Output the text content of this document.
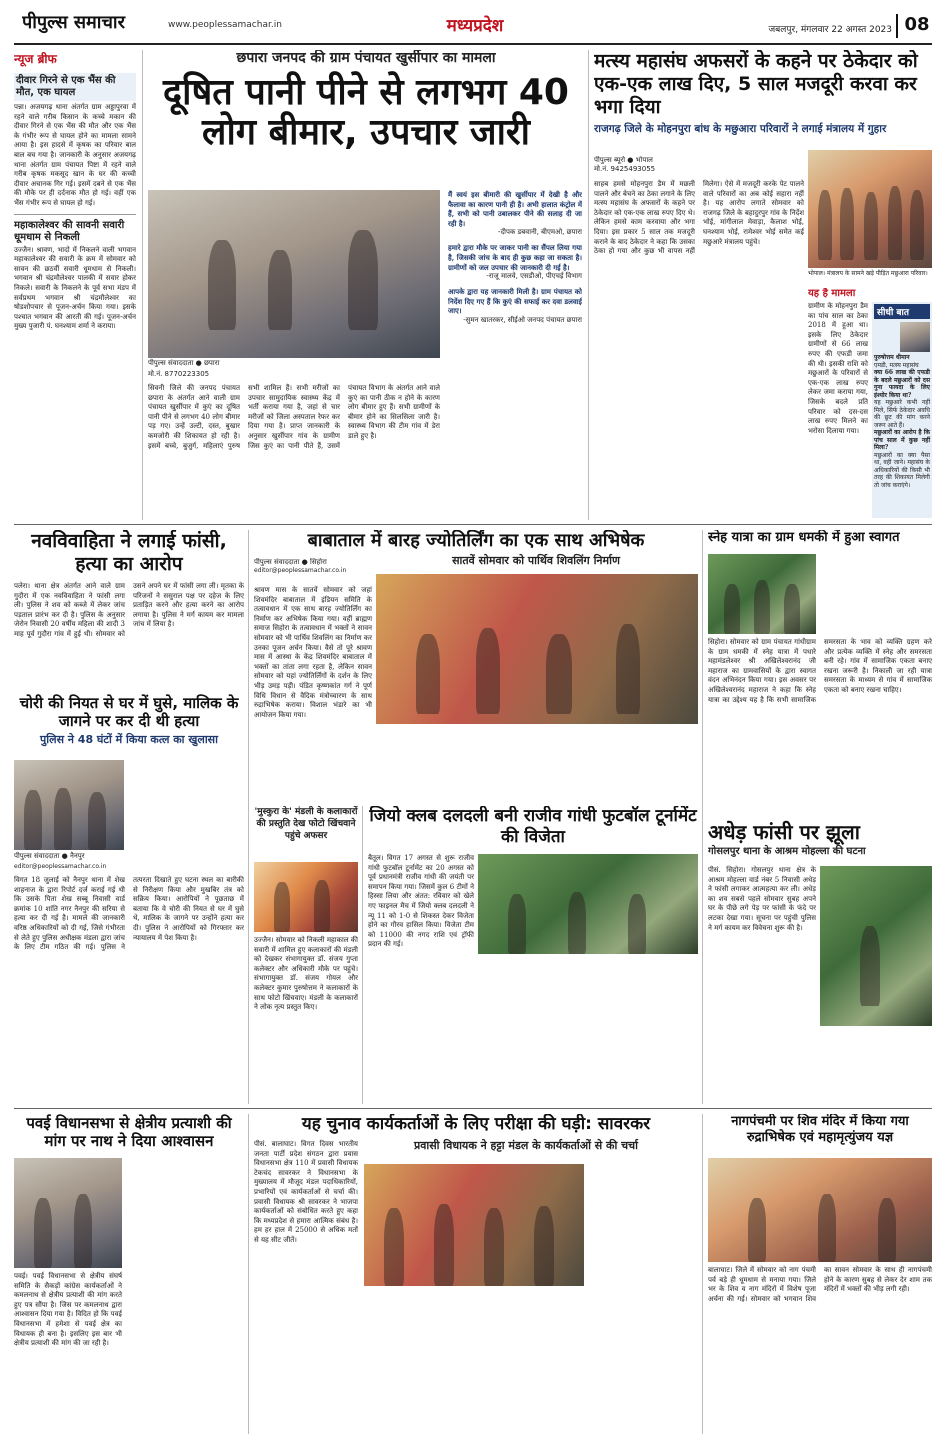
पीपुल्स समाचार	www.peoplessamachar.in	मध्यप्रदेश	जबलपुर, मंगलवार 22 अगस्त 2023 08
न्यूज ब्रीफ
दीवार गिरने से एक भैंस की मौत, एक घायल
पन्ना। अजयगढ़ थाना अंतर्गत ग्राम अड्डापुरवा में रहने वाले गरीब किसान के कच्चे मकान की दीवार गिरने से एक भैंस की मौत और एक भैंस के गंभीर रूप से घायल होने का मामला सामने आया है। इस हादसे में कृषक का परिवार बाल बाल बच गया है। जानकारी के अनुसार अजयगढ़ थाना अंतर्गत ग्राम पंचायत पिष्टा में रहने वाले गरीब कृषक मकसूद खान के घर की कच्ची दीवार अचानक गिर गई। इसमें दबने से एक भैंस की मौके पर ही दर्दनाक मौत हो गई। वहीं एक भैंस गंभीर रूप से घायल हो गई।
महाकालेश्वर की सावनी सवारी धूमधाम से निकली
उज्जैन। श्रावण, भादो में निकलने वाली भगवान महाकालेश्वर की सवारी के क्रम में सोमवार को सावन की छठवीं सवारी धूमधाम से निकली। भगवान श्री चंद्रमौलेश्वर पालकी में सवार होकर निकले। सवारी के निकलने के पूर्व सभा मंडप में सर्वप्रथम भगवान श्री चंद्रमौलेश्वर का षोडशोपचार से पूजन-अर्चन किया गया। इसके पश्चात भगवान की आरती की गई। पूजन-अर्चन मुख्य पुजारी पं. घनश्याम शर्मा ने कराया।
छपारा जनपद की ग्राम पंचायत खुर्सीपार का मामला
दूषित पानी पीने से लगभग 40 लोग बीमार, उपचार जारी
पीपुल्स संवाददाता ● छपारा
मो.नं. 8770223305
सिवनी जिले की जनपद पंचायत छपारा के अंतर्गत आने वाली ग्राम पंचायत खुर्सीपार में कुएं का दूषित पानी पीने से लगभग 40 लोग बीमार पड़ गए। उन्हें उल्टी, दस्त, बुखार कमजोरी की शिकायत हो रही है। इसमें बच्चे, बुजुर्ग, महिलाएं पुरुष सभी शामिल हैं। सभी मरीजों का उपचार सामुदायिक स्वास्थ्य केंद्र में भर्ती कराया गया है, जहां से चार मरीजों को जिला अस्पताल रेफर कर दिया गया है। प्राप्त जानकारी के अनुसार खुर्सीपार गांव के ग्रामीण जिस कुएं का पानी पीते हैं, उसमें पंचायत विभाग के अंतर्गत आने वाले कुएं का पानी ठीक न होने के कारण लोग बीमार हुए हैं। सभी ग्रामीणों के बीमार होने का सिलसिला जारी है। स्वास्थ्य विभाग की टीम गांव में डेरा डाले हुए है।
मैं स्वयं इस बीमारी की खुर्सीपार में देखी है और फैलावा का कारण पानी ही है। अभी हालात कंट्रोल में हैं, सभी को पानी उबालकर पीने की सलाह दी जा रही है।
-दीपक डबवानी, बीएमओ, छपारा
हमारे द्वारा मौके पर जाकर पानी का सैंपल लिया गया है, जिसकी जांच के बाद ही कुछ कहा जा सकता है। ग्रामीणों को जल उपचार की जानकारी दी गई है।
-राजू मालवे, एसडीओ, पीएचई विभाग
आपके द्वारा यह जानकारी मिली है। ग्राम पंचायत को निर्देश दिए गए हैं कि कुएं की सफाई कर दवा डलवाई जाए।
-सुमन खातरकर, सीईओ जनपद पंचायत छपारा
मत्स्य महासंघ अफसरों के कहने पर ठेकेदार को एक-एक लाख दिए, 5 साल मजदूरी करवा कर भगा दिया
राजगढ़ जिले के मोहनपुरा बांध के मछुआरा परिवारों ने लगाई मंत्रालय में गुहार
पीपुल्स ब्यूरो ● भोपाल
मो.नं. 9425493055
साहब हमसे मोहनपुरा डैम में मछली पालने और बेचने का ठेका लगाने के लिए मत्स्य महासंघ के अफसरों के कहने पर ठेकेदार को एक-एक लाख रुपए दिए थे। लेकिन हमसे काम करवाया और भगा दिया। इस प्रकार 5 साल तक मजदूरी कराने के बाद ठेकेदार ने कहा कि उसका ठेका हो गया और कुछ भी वापस नहीं मिलेगा। ऐसे में मजदूरी करके पेट पालने वाले परिवारों का अब कोई सहारा नहीं है। यह आरोप लगाते सोमवार को राजगढ़ जिले के बहादुरपुर गांव के निर्देश भोई, मांगीलाल मेवाड़ा, कैलाश भोई, घनश्याम भोई, रामेश्वर भोई समेत कई मछुआरे मंत्रालय पहुंचे।
भोपाल। मंत्रालय के सामने खड़े पीड़ित मछुआरा परिवार।
यह है मामला
ग्रामीण के मोहनपुरा डैम का पांच साल का ठेका 2018 में हुआ था। इसके लिए ठेकेदार ग्रामीणों से 66 लाख रुपए की एफडी जमा की थी। इसकी राशि को मछुआरों के परिवारों से एक-एक लाख रुपए लेकर जमा कराया गया, जिसके बदले प्रति परिवार को दस-दस लाख रुपए मिलने का भरोसा दिलाया गया।
सीधी बात
पुरुषोत्तम धीमान
एमडी, मत्स्य महासंघ
क्या 66 लाख की एफडी के बदले मछुआरों को दस गुना फायदा के लिए इंश्योर किया था?
यह मछुआरे कभी नहीं मिले, सिर्फ ठेकेदार अवधि की छूट की मांग करने जरूर आते हैं।
मछुआरों का आरोप है कि पांच साल में कुछ नहीं मिला?
मछुआरों का क्या पैसा था, वही जाने। महासंघ के अधिकारियों की किसी भी तरह की शिकायत मिलेगी तो जांच कराएंगे।
नवविवाहिता ने लगाई फांसी, हत्या का आरोप
पलेरा। थाना क्षेत्र अंतर्गत आने वाले ग्राम गुदौरा में एक नवविवाहिता ने फांसी लगा ली। पुलिस ने शव को कब्जे में लेकर जांच पड़ताल प्रारंभ कर दी है। पुलिस के अनुसार जेरोन निवासी 20 वर्षीय महिला की शादी 3 माह पूर्व गुदौरा गांव में हुई थी। सोमवार को उसने अपने घर में फांसी लगा ली। मृतका के परिजनों ने ससुराल पक्ष पर दहेज के लिए प्रताड़ित करने और हत्या करने का आरोप लगाया है। पुलिस ने मर्ग कायम कर मामला जांच में लिया है।
चोरी की नियत से घर में घुसे, मालिक के जागने पर कर दी थी हत्या
पुलिस ने 48 घंटों में किया कत्ल का खुलासा
पीपुल्स संवाददाता ● नैनपुर
editor@peoplessamachar.co.in
विगत 18 जुलाई को नैनपुर थाना में शेख शाहनाज के द्वारा रिपोर्ट दर्ज कराई गई थी कि उसके पिता शेख सब्बू निवासी वार्ड क्रमांक 10 शांति नगर नैनपुर की सरिया से हत्या कर दी गई है। मामले की जानकारी वरिष्ठ अधिकारियों को दी गई, जिसे गंभीरता से लेते हुए पुलिस अधीक्षक मंडला द्वारा जांच के लिए टीम गठित की गई। पुलिस ने तत्परता दिखाते हुए घटना स्थल का बारीकी से निरीक्षण किया और मुखबिर तंत्र को सक्रिय किया। आरोपियों ने पूछताछ में बताया कि वे चोरी की नियत से घर में घुसे थे, मालिक के जागने पर उन्होंने हत्या कर दी। पुलिस ने आरोपियों को गिरफ्तार कर न्यायालय में पेश किया है।
बाबाताल में बारह ज्योतिर्लिंग का एक साथ अभिषेक
सातवें सोमवार को पार्थिव शिवलिंग निर्माण
पीपुल्स संवाददाता ● सिहोरा
editor@peoplessamachar.co.in
श्रावण मास के सातवें सोमवार को जहां शिवमंदिर बाबाताल में इंडियन समिति के तत्वावधान में एक साथ बारह ज्योतिर्लिंग का निर्माण कर अभिषेक किया गया। वहीं ब्राह्मण समाज सिहोरा के तत्वावधान में भक्तों ने सावन सोमवार को भी पार्थिव शिवलिंग का निर्माण कर उनका पूजन अर्चन किया। वैसे तो पूरे श्रावण मास में आस्था के केंद्र शिवमंदिर बाबाताल में भक्तों का तांता लगा रहता है, लेकिन सावन सोमवार को यहां ज्योतिर्लिंगों के दर्शन के लिए भीड़ उमड़ पड़ी। पंडित कृष्णकांत गर्ग ने पूर्ण विधि विधान से वैदिक मंत्रोच्चारण के साथ रुद्राभिषेक कराया। विशाल भंडारे का भी आयोजन किया गया।
स्नेह यात्रा का ग्राम धमकी में हुआ स्वागत
सिहोरा। सोमवार को ग्राम पंचायत गांधीग्राम के ग्राम धमकी में स्नेह यात्रा में पधारे महामंडलेश्वर श्री अखिलेश्वरानंद जी महाराज का ग्रामवासियों के द्वारा स्वागत वंदन अभिनंदन किया गया। इस अवसर पर अखिलेश्वरानंद महाराज ने कहा कि स्नेह यात्रा का उद्देश्य यह है कि सभी सामाजिक समरसता के भाव को व्यक्ति ग्रहण करे और प्रत्येक व्यक्ति में स्नेह और समरसता बनी रहे। गांव में सामाजिक एकता बनाए रखना जरूरी है। निकाली जा रही यात्रा समरसता के माध्यम से गांव में सामाजिक एकता को बनाए रखना चाहिए।
'मुस्कुरा के' मंडली के कलाकारों की प्रस्तुति देख फोटो खिंचवाने पहुंचे अफसर
उज्जैन। सोमवार को निकली महाकाल की सवारी में शामिल हुए कलाकारों की मंडली को देखकर संभागायुक्त डॉ. संजय गुप्ता कलेक्टर और अधिकारी मौके पर पहुंचे। संभागायुक्त डॉ. संजय गोयल और कलेक्टर कुमार पुरुषोत्तम ने कलाकारों के साथ फोटो खिंचवाए। मंडली के कलाकारों ने लोक नृत्य प्रस्तुत किए।
जियो क्लब दलदली बनी राजीव गांधी फुटबॉल टूर्नामेंट की विजेता
बैतूल। विगत 17 अगस्त से शुरू राजीव गांधी फुटबॉल टूर्नामेंट का 20 अगस्त को पूर्व प्रधानमंत्री राजीव गांधी की जयंती पर समापन किया गया। जिसमें कुल 6 टीमों ने हिस्सा लिया और अंतत: रविवार को खेले गए फाइनल मैच में जियो क्लब दलदली ने न्यू 11 को 1-0 से शिकस्त देकर विजेता होने का गौरव हासिल किया। विजेता टीम को 11000 की नगद राशि एवं ट्रॉफी प्रदान की गई।
अधेड़ फांसी पर झूला
गोसलपुर थाना के आश्रम मोहल्ला की घटना
पीसं. सिहोरा। गोसलपुर थाना क्षेत्र के आश्रम मोहल्ला वार्ड नंबर 5 निवासी अधेड़ ने फांसी लगाकर आत्महत्या कर ली। अधेड़ का शव सबसे पहले सोमवार सुबह अपने घर के पीछे लगे पेड़ पर फांसी के फंदे पर लटका देखा गया। सूचना पर पहुंची पुलिस ने मर्ग कायम कर विवेचना शुरू की है।
पवई विधानसभा से क्षेत्रीय प्रत्याशी की मांग पर नाथ ने दिया आश्वासन
पवई। पवई विधानसभा से क्षेत्रीय संघर्ष समिति के सैकड़ों कांग्रेस कार्यकर्ताओं ने कमलनाथ से क्षेत्रीय प्रत्याशी की मांग करते हुए पत्र सौंपा है। जिस पर कमलनाथ द्वारा आश्वासन दिया गया है। विदित हो कि पवई विधानसभा में हमेशा से पवई क्षेत्र का विधायक ही बना है। इसलिए इस बार भी क्षेत्रीय प्रत्याशी की मांग की जा रही है।
यह चुनाव कार्यकर्ताओं के लिए परीक्षा की घड़ी: सावरकर
प्रवासी विधायक ने हट्टा मंडल के कार्यकर्ताओं से की चर्चा
पीसं. बालाघाट। विगत दिवस भारतीय जनता पार्टी प्रदेश संगठन द्वारा प्रवास विधानसभा क्षेत्र 110 में प्रवासी विधायक टेकचंद सावरकर ने विधानसभा के मुख्यालय में मौजूद मंडल पदाधिकारियों, प्रभारियों एवं कार्यकर्ताओं से चर्चा की। प्रवासी विधायक श्री सावरकर ने भाजपा कार्यकर्ताओं को संबोधित करते हुए कहा कि मध्यप्रदेश से हमारा आत्मिक संबंध है। हम हर हाल में 25000 से अधिक मतों से यह सीट जीतें।
नागपंचमी पर शिव मंदिर में किया गया रुद्राभिषेक एवं महामृत्युंजय यज्ञ
बालाघाट। जिले में सोमवार को नाग पंचमी पर्व बड़े ही धूमधाम से मनाया गया। जिले भर के शिव व नाग मंदिरों में विशेष पूजा अर्चना की गई। सोमवार को भगवान शिव का सावन सोमवार के साथ ही नागपंचमी होने के कारण सुबह से लेकर देर शाम तक मंदिरों में भक्तों की भीड़ लगी रही।
